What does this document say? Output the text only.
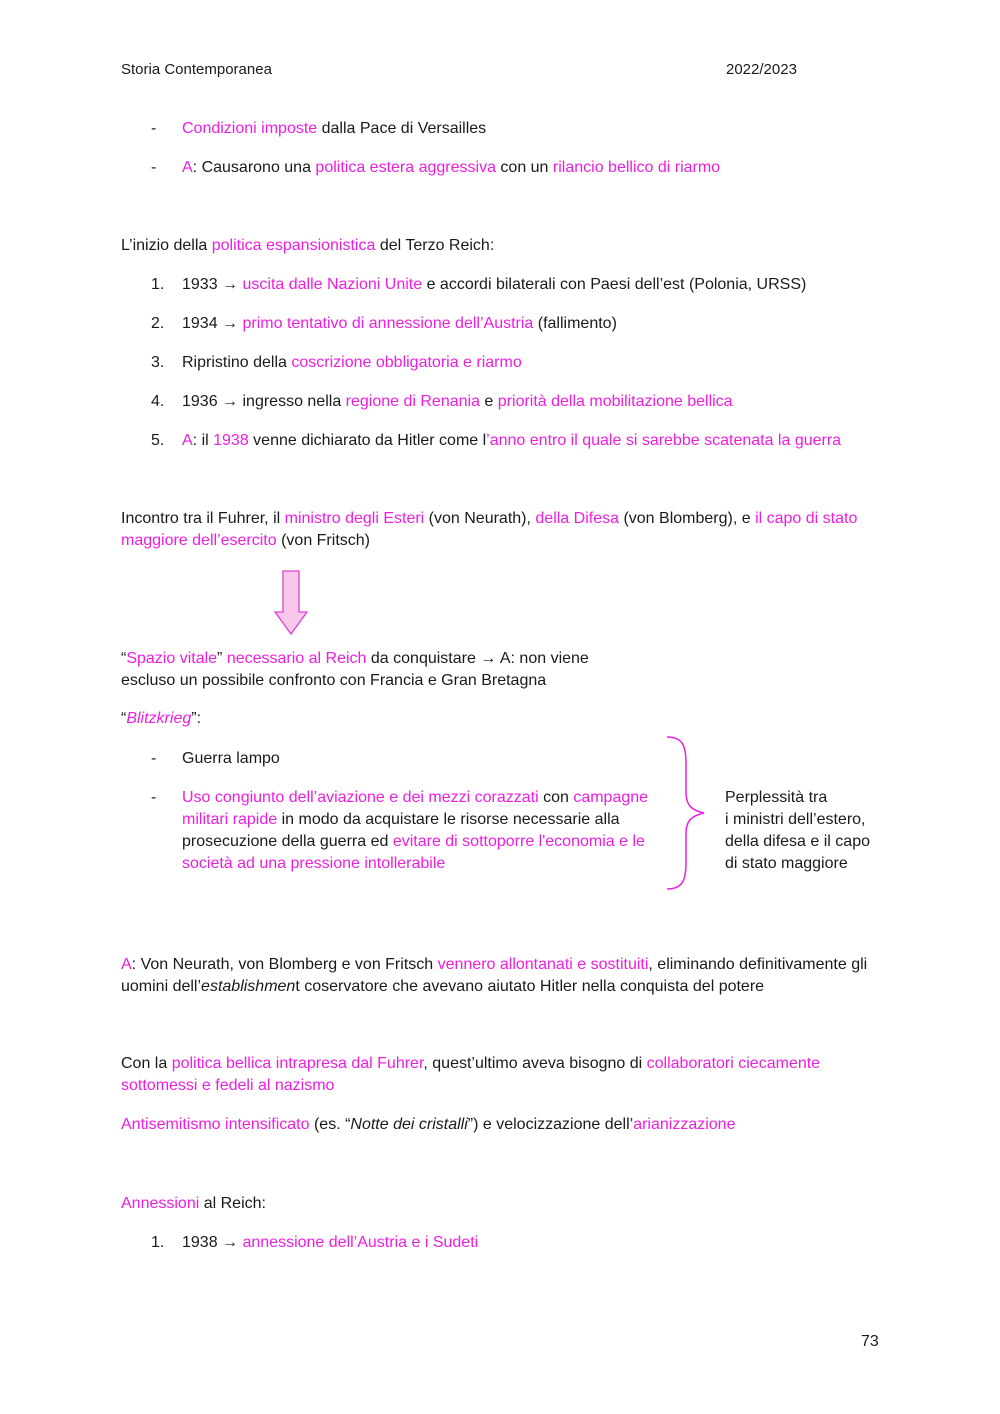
Storia Contemporanea	2022/2023
- Condizioni imposte dalla Pace di Versailles
- A: Causarono una politica estera aggressiva con un rilancio bellico di riarmo
L’inizio della politica espansionistica del Terzo Reich:
1. 1933 → uscita dalle Nazioni Unite e accordi bilaterali con Paesi dell’est (Polonia, URSS)
2. 1934 → primo tentativo di annessione dell’Austria (fallimento)
3. Ripristino della coscrizione obbligatoria e riarmo
4. 1936 → ingresso nella regione di Renania e priorità della mobilitazione bellica
5. A: il 1938 venne dichiarato da Hitler come l’anno entro il quale si sarebbe scatenata la guerra

Incontro tra il Fuhrer, il ministro degli Esteri (von Neurath), della Difesa (von Blomberg), e il capo di stato maggiore dell’esercito (von Fritsch)

“Spazio vitale” necessario al Reich da conquistare → A: non viene escluso un possibile confronto con Francia e Gran Bretagna

“Blitzkrieg”:
- Guerra lampo
- Uso congiunto dell’aviazione e dei mezzi corazzati con campagne militari rapide in modo da acquistare le risorse necessarie alla prosecuzione della guerra ed evitare di sottoporre l'economia e le società ad una pressione intollerabile

Perplessità tra
i ministri dell’estero,
della difesa e il capo
di stato maggiore

A: Von Neurath, von Blomberg e von Fritsch vennero allontanati e sostituiti, eliminando definitivamente gli uomini dell’establishment coservatore che avevano aiutato Hitler nella conquista del potere

Con la politica bellica intrapresa dal Fuhrer, quest’ultimo aveva bisogno di collaboratori ciecamente sottomessi e fedeli al nazismo

Antisemitismo intensificato (es. “Notte dei cristalli”) e velocizzazione dell’arianizzazione
Annessioni al Reich:
1. 1938 → annessione dell’Austria e i Sudeti
73
